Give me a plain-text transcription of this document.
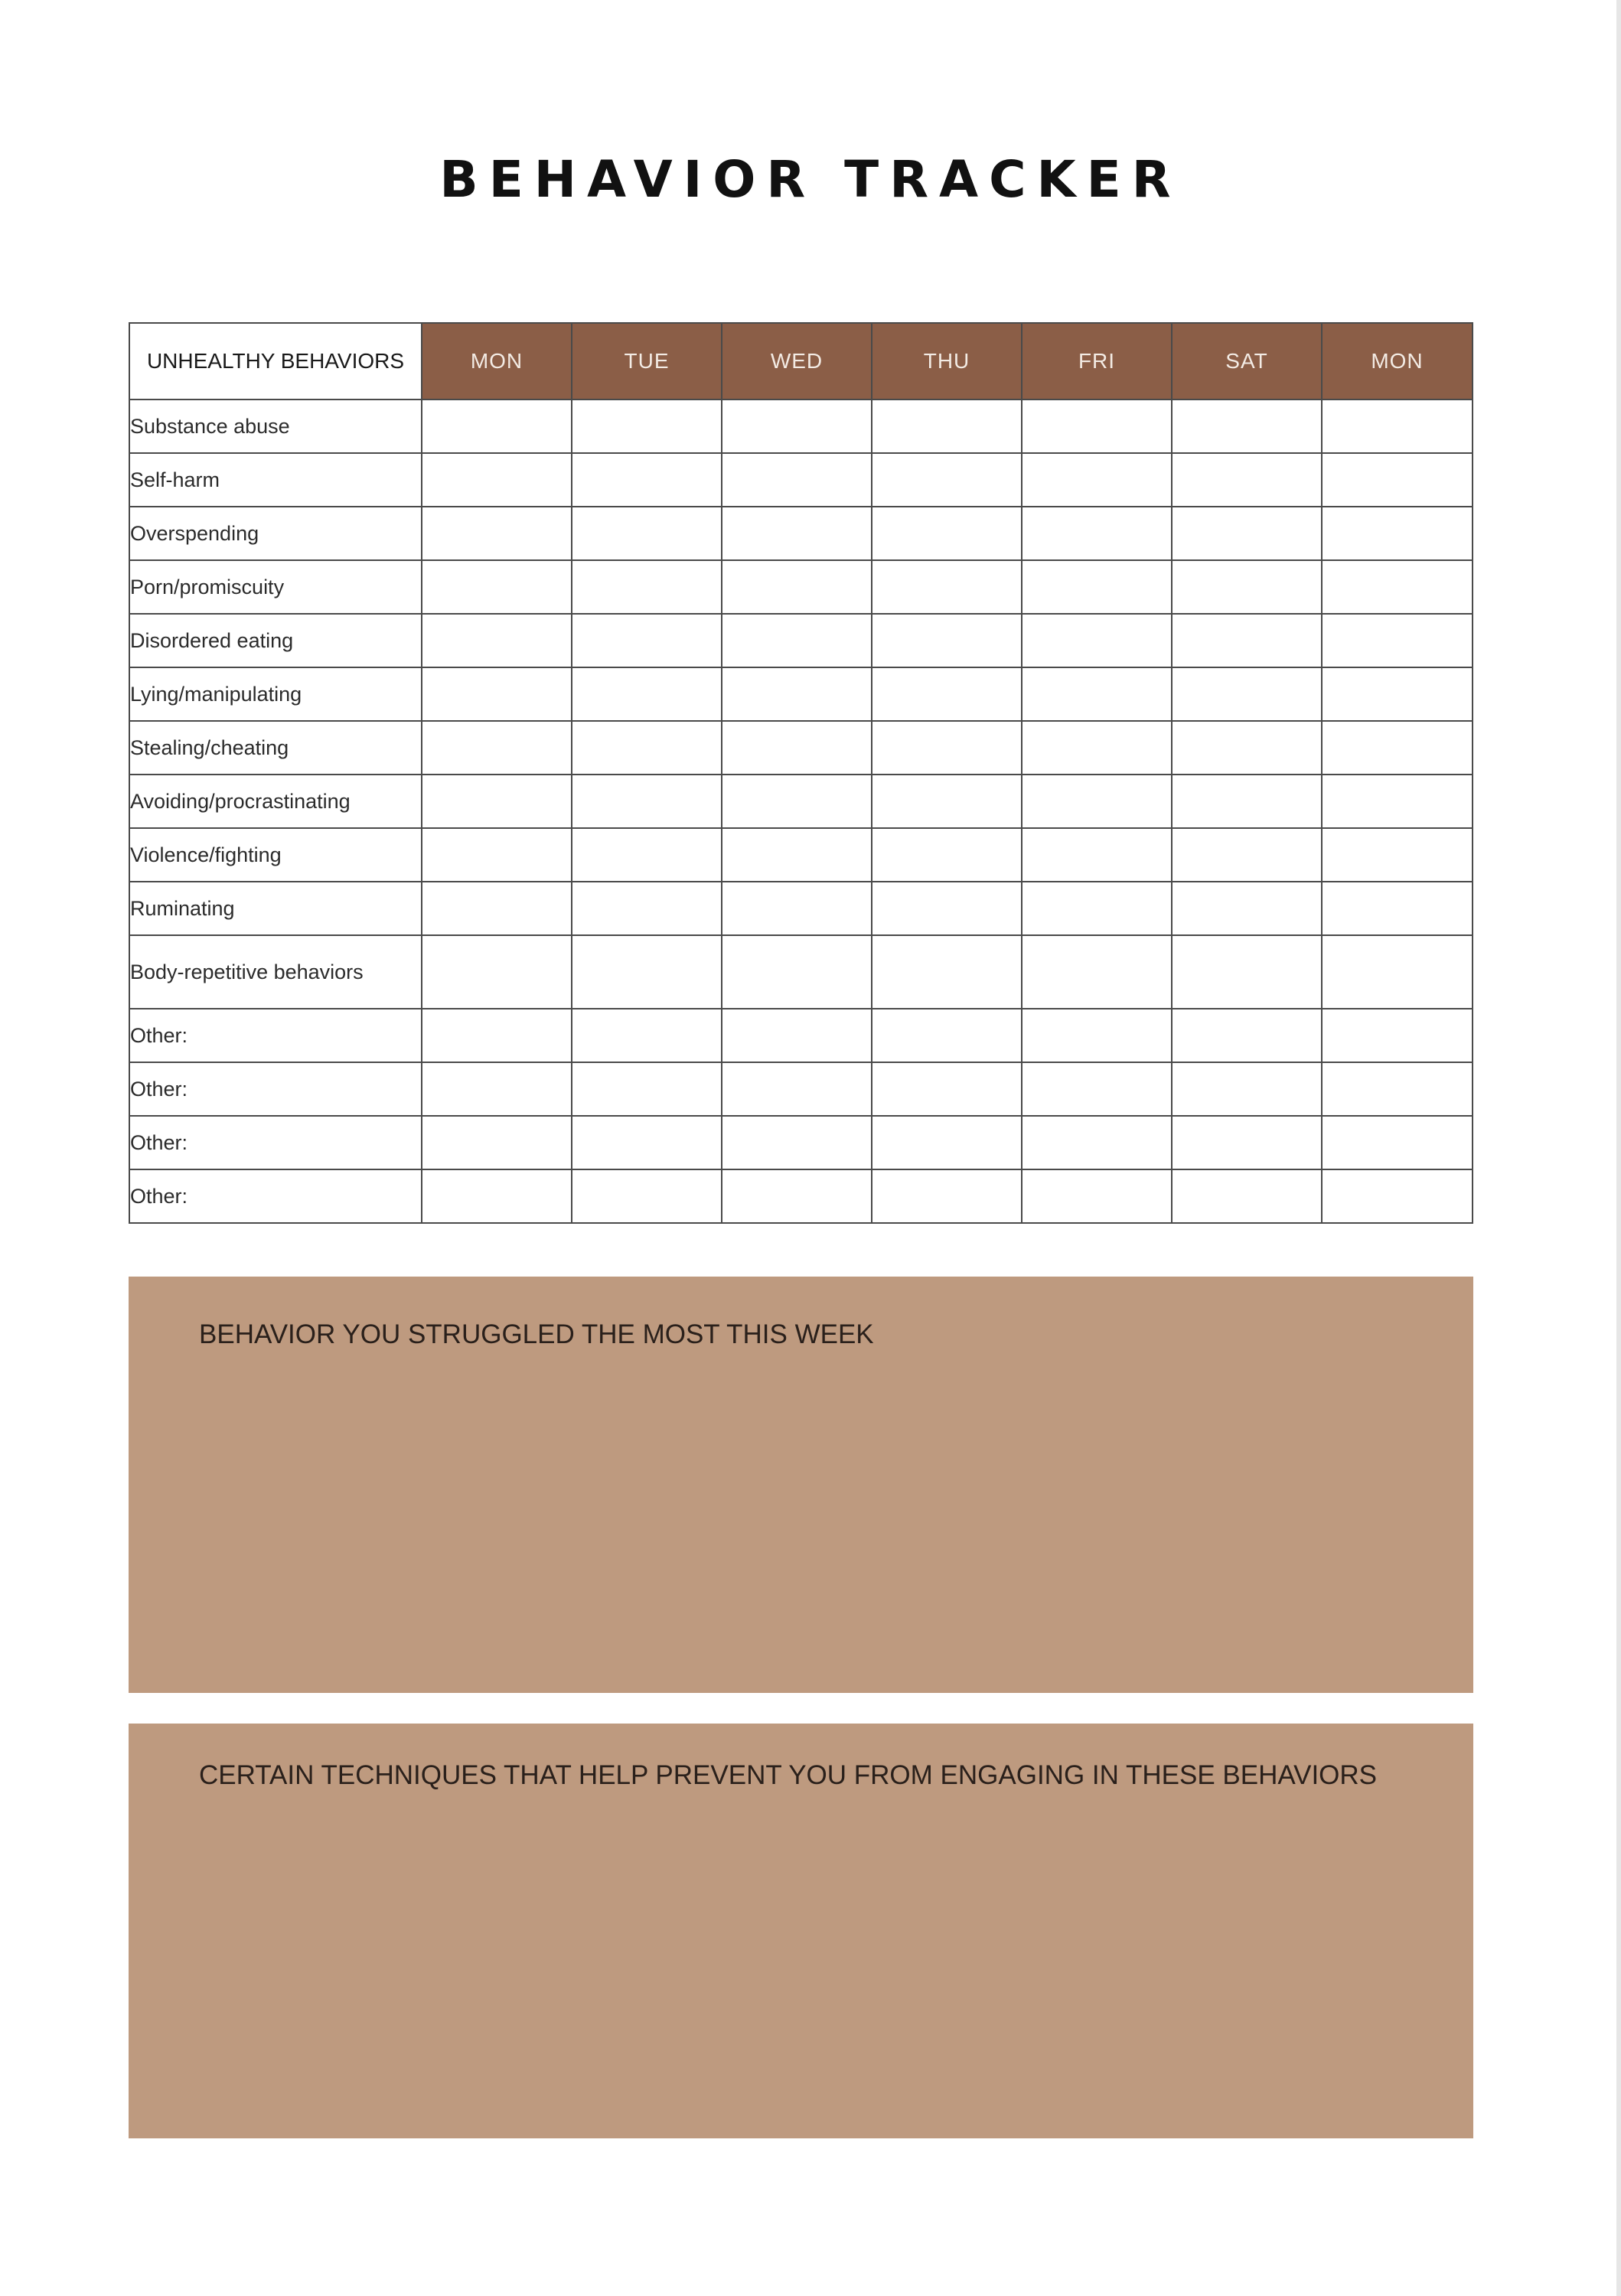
BEHAVIOR TRACKER
UNHEALTHY BEHAVIORS	MON	TUE	WED	THU	FRI	SAT	MON
Substance abuse							
Self-harm							
Overspending							
Porn/promiscuity							
Disordered eating							
Lying/manipulating							
Stealing/cheating							
Avoiding/procrastinating							
Violence/fighting							
Ruminating							
Body-repetitive behaviors							
Other:							
Other:							
Other:							
Other:							

BEHAVIOR YOU STRUGGLED THE MOST THIS WEEK

CERTAIN TECHNIQUES THAT HELP PREVENT YOU FROM ENGAGING IN THESE BEHAVIORS
